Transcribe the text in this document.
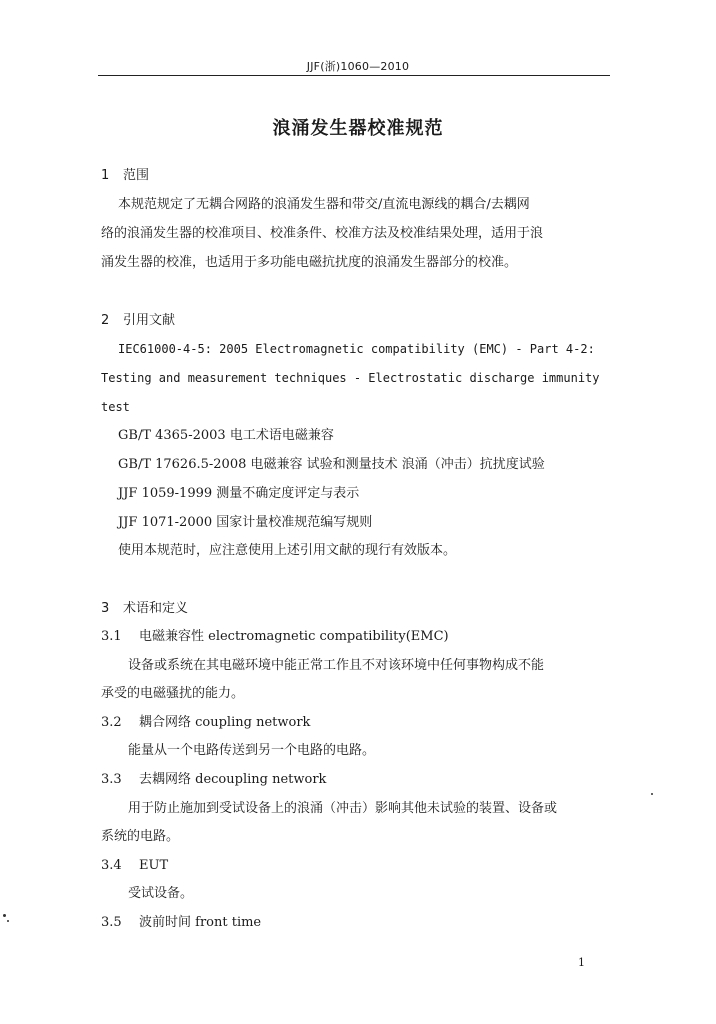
JJF(浙)1060—2010
浪涌发生器校准规范
1 范围
本规范规定了无耦合网路的浪涌发生器和带交/直流电源线的耦合/去耦网
络的浪涌发生器的校准项目、校准条件、校准方法及校准结果处理，适用于浪
涌发生器的校准，也适用于多功能电磁抗扰度的浪涌发生器部分的校准。
2 引用文献
IEC61000-4-5: 2005 Electromagnetic compatibility (EMC) - Part 4-2:
Testing and measurement techniques - Electrostatic discharge immunity
test
GB/T 4365-2003 电工术语电磁兼容
GB/T 17626.5-2008 电磁兼容 试验和测量技术 浪涌（冲击）抗扰度试验
JJF 1059-1999 测量不确定度评定与表示
JJF 1071-2000 国家计量校准规范编写规则
使用本规范时，应注意使用上述引用文献的现行有效版本。
3 术语和定义
3.1 电磁兼容性 electromagnetic compatibility(EMC)
设备或系统在其电磁环境中能正常工作且不对该环境中任何事物构成不能
承受的电磁骚扰的能力。
3.2 耦合网络 coupling network
能量从一个电路传送到另一个电路的电路。
3.3 去耦网络 decoupling network
用于防止施加到受试设备上的浪涌（冲击）影响其他未试验的装置、设备或
系统的电路。
3.4 EUT
受试设备。
3.5 波前时间 front time
1
